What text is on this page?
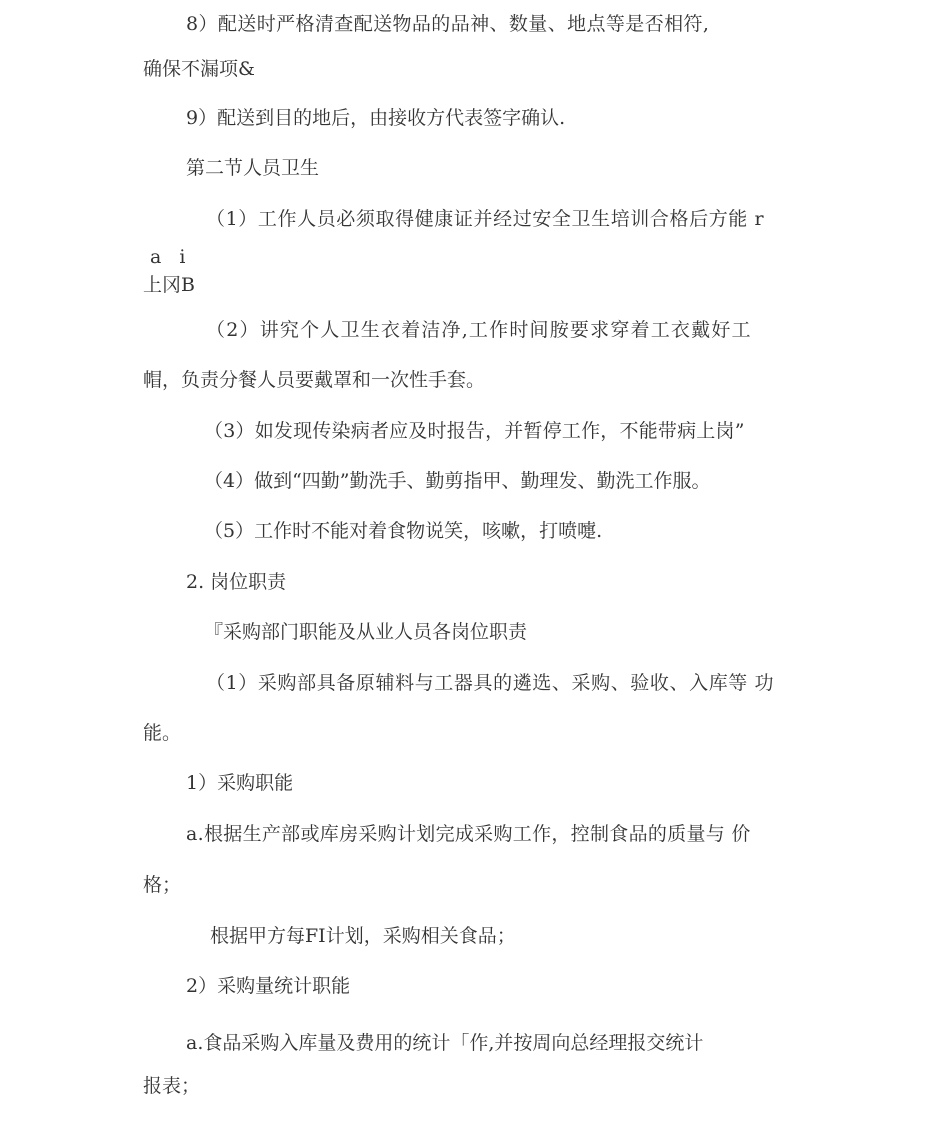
8）配送时严格清查配送物品的品神、数量、地点等是否相符,
确保不漏项&
9）配送到目的地后，由接收方代表签字确认.
第二节人员卫生
（1）工作人员必须取得健康证并经过安全卫生培训合格后方能 r
a i
上冈B
（2）讲究个人卫生衣着洁净,工作时间胺要求穿着工衣戴好工
帽，负责分餐人员要戴罩和一次性手套。
（3）如发现传染病者应及时报告，并暂停工作，不能带病上岗”
（4）做到“四勤”勤洗手、勤剪指甲、勤理发、勤洗工作服。
（5）工作时不能对着食物说笑，咳嗽，打喷嚏.
2. 岗位职责
『采购部门职能及从业人员各岗位职责
（1）采购部具备原辅料与工器具的遴选、采购、验收、入库等 功
能。
1）采购职能
a.根据生产部或库房采购计划完成采购工作，控制食品的质量与 价
格；
根据甲方每FI计划，采购相关食品；
2）采购量统计职能
a.食品采购入库量及费用的统计「作,并按周向总经理报交统计
报表；
